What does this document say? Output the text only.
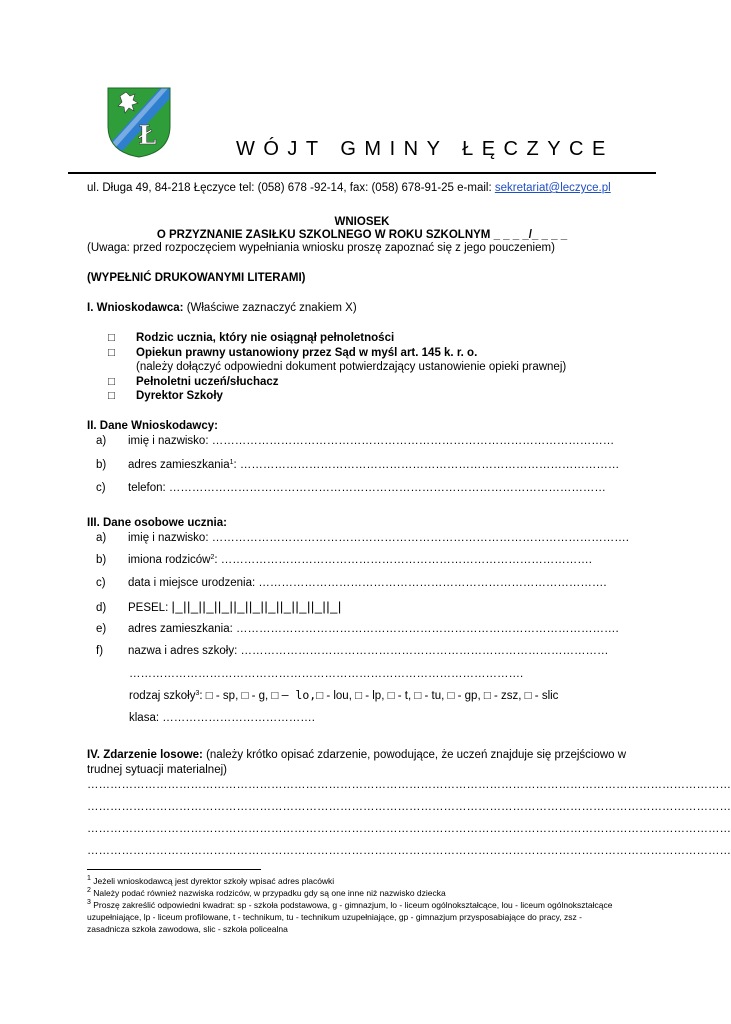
Ł	WÓJT GMINY ŁĘCZYCE
ul. Długa 49, 84-218 Łęczyce tel: (058) 678 -92-14, fax: (058) 678-91-25 e-mail: sekretariat@leczyce.pl
WNIOSEK
O PRZYZNANIE ZASIŁKU SZKOLNEGO W ROKU SZKOLNYM _ _ _ _/_ _ _ _
(Uwaga: przed rozpoczęciem wypełniania wniosku proszę zapoznać się z jego pouczeniem)
(WYPEŁNIĆ DRUKOWANYMI LITERAMI)
I. Wnioskodawca: (Właściwe zaznaczyć znakiem X)
□ Rodzic ucznia, który nie osiągnął pełnoletności
□ Opiekun prawny ustanowiony przez Sąd w myśl art. 145 k. r. o.
(należy dołączyć odpowiedni dokument potwierdzający ustanowienie opieki prawnej)
□ Pełnoletni uczeń/słuchacz
□ Dyrektor Szkoły
II. Dane Wnioskodawcy:
a) imię i nazwisko: ……………………………………………………………………………………………
b) adres zamieszkania$^1$: ………………………………………………………………………………………
c) telefon: ……………………………………………………………………………………………………
III. Dane osobowe ucznia:
a) imię i nazwisko: ……………………………………………………………………………………………….
b) imiona rodziców$^2$: …………………………………………………………………………………….
c) data i miejsce urodzenia: ……………………………………………………………………………….
d) PESEL: |_||_||_||_||_||_||_||_||_||_||_|
e) adres zamieszkania: ……………………………………………………………………………………….
f) nazwa i adres szkoły: ……………………………………………………………………………………
………………………………………………………………………………………….
rodzaj szkoły$^3$: □ - sp, □ - g, □ – lo,□ - lou, □ - lp, □ - t, □ - tu, □ - gp, □ - zsz, □ - slic
klasa: ………………………………….
IV. Zdarzenie losowe: (należy krótko opisać zdarzenie, powodujące, że uczeń znajduje się przejściowo w
trudnej sytuacji materialnej)
……………………………………………………………………………………………………………………………………………………
……………………………………………………………………………………………………………………………………………………
……………………………………………………………………………………………………………………………………………………
……………………………………………………………………………………………………………………………………………………
$^1$ Jeżeli wnioskodawcą jest dyrektor szkoły wpisać adres placówki
$^2$ Należy podać również nazwiska rodziców, w przypadku gdy są one inne niż nazwisko dziecka
$^3$ Proszę zakreślić odpowiedni kwadrat: sp - szkoła podstawowa, g - gimnazjum, lo - liceum ogólnokształcące, lou - liceum ogólnokształcące
uzupełniające, lp - liceum profilowane, t - technikum, tu - technikum uzupełniające, gp - gimnazjum przysposabiające do pracy, zsz -
zasadnicza szkoła zawodowa, slic - szkoła policealna
